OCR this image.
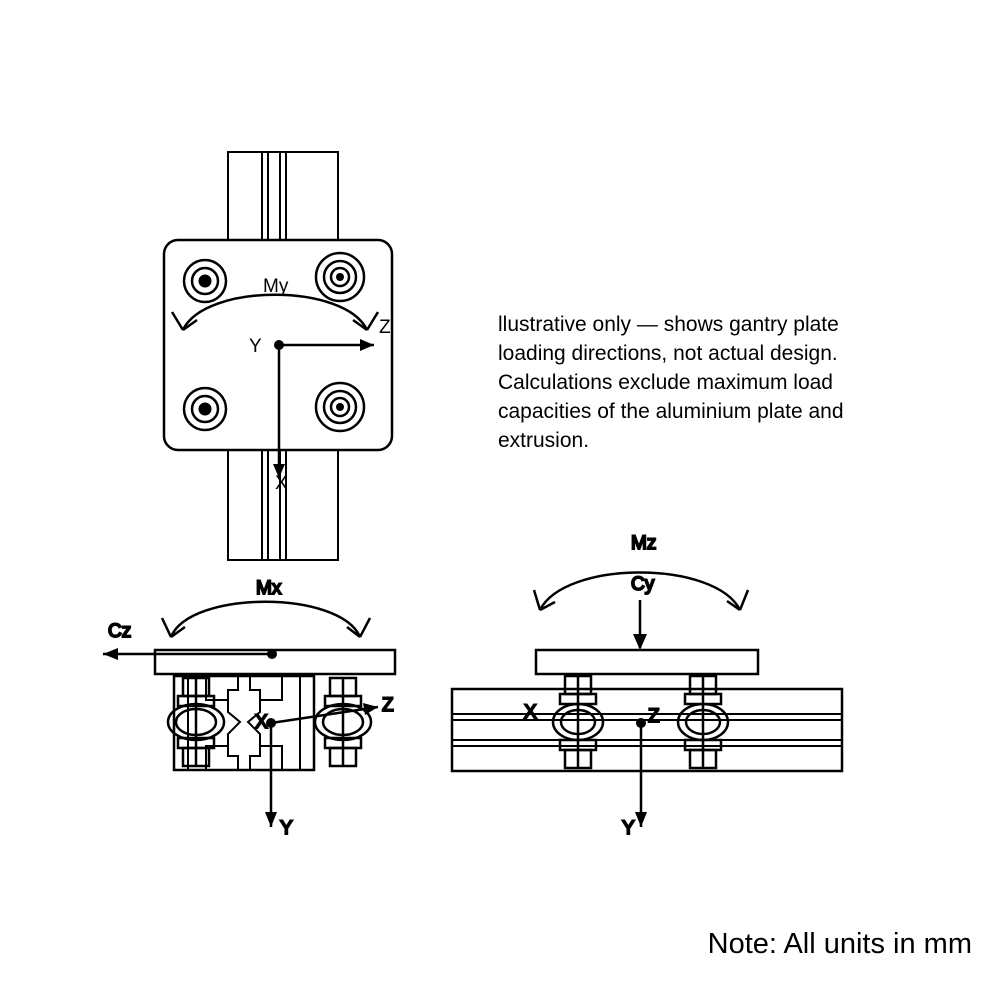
My
Y
Z
X
Mx
Cz
X
Z
Y
Mz
Cy
X	Z
Y
llustrative only — shows gantry plate
loading directions, not actual design.
Calculations exclude maximum load
capacities of the aluminium plate and
extrusion.
Note: All units in mm
